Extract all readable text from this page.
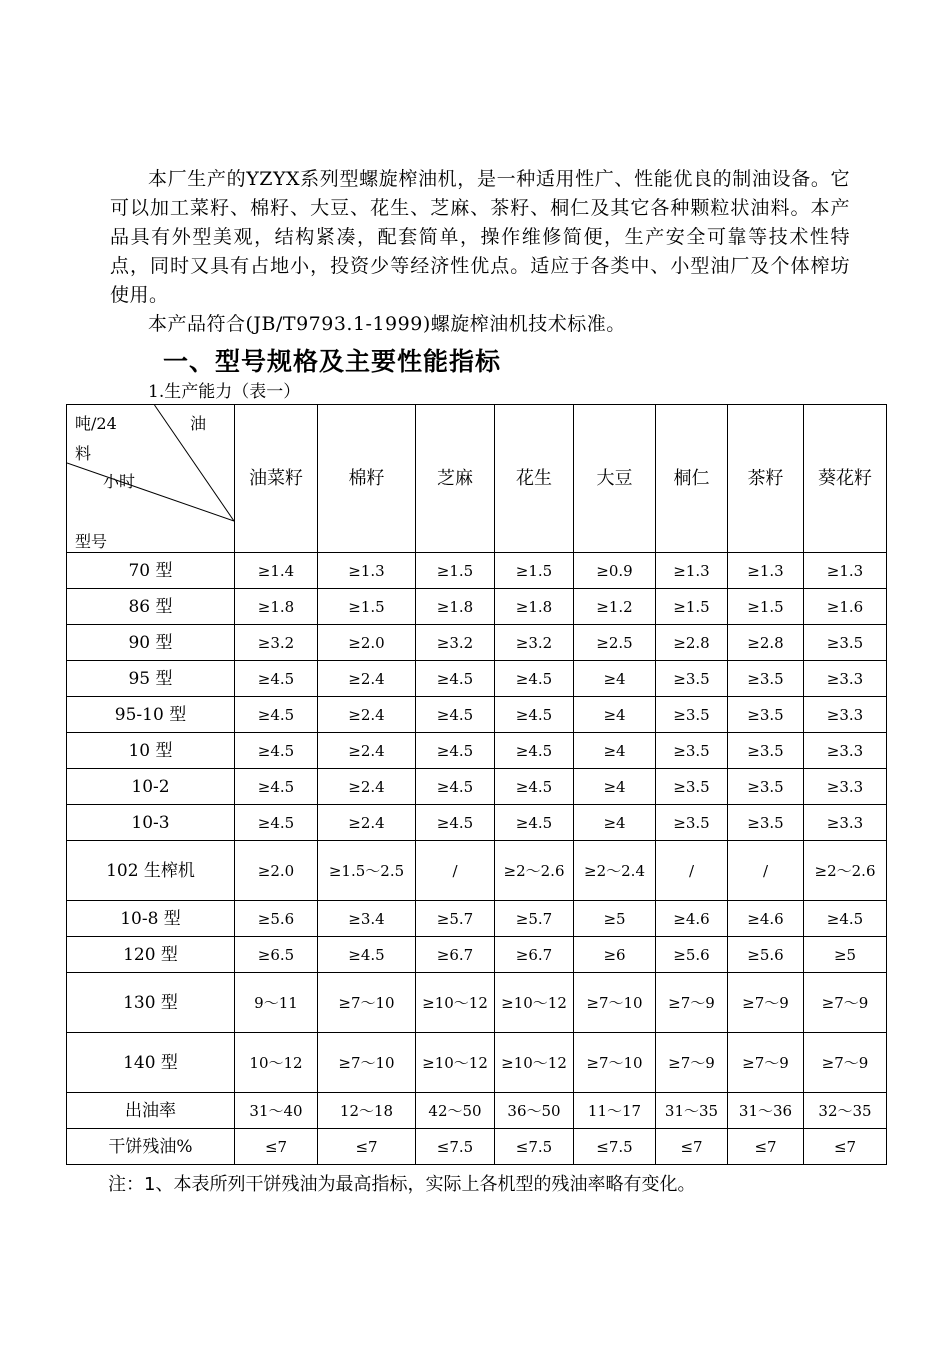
本厂生产的YZYX系列型螺旋榨油机，是一种适用性广、性能优良的制油设备。它可以加工菜籽、棉籽、大豆、花生、芝麻、茶籽、桐仁及其它各种颗粒状油料。本产品具有外型美观，结构紧凑，配套简单，操作维修简便，生产安全可靠等技术性特点，同时又具有占地小，投资少等经济性优点。适应于各类中、小型油厂及个体榨坊使用。

本产品符合(JB/T9793.1-1999)螺旋榨油机技术标准。

一、型号规格及主要性能指标
1.生产能力（表一）
吨/24 油
料
小时
型号	油菜籽	棉籽	芝麻	花生	大豆	桐仁	茶籽	葵花籽
70 型	≥1.4	≥1.3	≥1.5	≥1.5	≥0.9	≥1.3	≥1.3	≥1.3
86 型	≥1.8	≥1.5	≥1.8	≥1.8	≥1.2	≥1.5	≥1.5	≥1.6
90 型	≥3.2	≥2.0	≥3.2	≥3.2	≥2.5	≥2.8	≥2.8	≥3.5
95 型	≥4.5	≥2.4	≥4.5	≥4.5	≥4	≥3.5	≥3.5	≥3.3
95-10 型	≥4.5	≥2.4	≥4.5	≥4.5	≥4	≥3.5	≥3.5	≥3.3
10 型	≥4.5	≥2.4	≥4.5	≥4.5	≥4	≥3.5	≥3.5	≥3.3
10-2	≥4.5	≥2.4	≥4.5	≥4.5	≥4	≥3.5	≥3.5	≥3.3
10-3	≥4.5	≥2.4	≥4.5	≥4.5	≥4	≥3.5	≥3.5	≥3.3
102 生榨机	≥2.0	≥1.5～2.5	/	≥2～2.6	≥2～2.4	/	/	≥2～2.6
10-8 型	≥5.6	≥3.4	≥5.7	≥5.7	≥5	≥4.6	≥4.6	≥4.5
120 型	≥6.5	≥4.5	≥6.7	≥6.7	≥6	≥5.6	≥5.6	≥5
130 型	9～11	≥7～10	≥10～12	≥10～12	≥7～10	≥7～9	≥7～9	≥7～9
140 型	10～12	≥7～10	≥10～12	≥10～12	≥7～10	≥7～9	≥7～9	≥7～9
出油率	31～40	12～18	42～50	36～50	11～17	31～35	31～36	32～35
干饼残油%	≤7	≤7	≤7.5	≤7.5	≤7.5	≤7	≤7	≤7
注：1、本表所列干饼残油为最高指标，实际上各机型的残油率略有变化。
